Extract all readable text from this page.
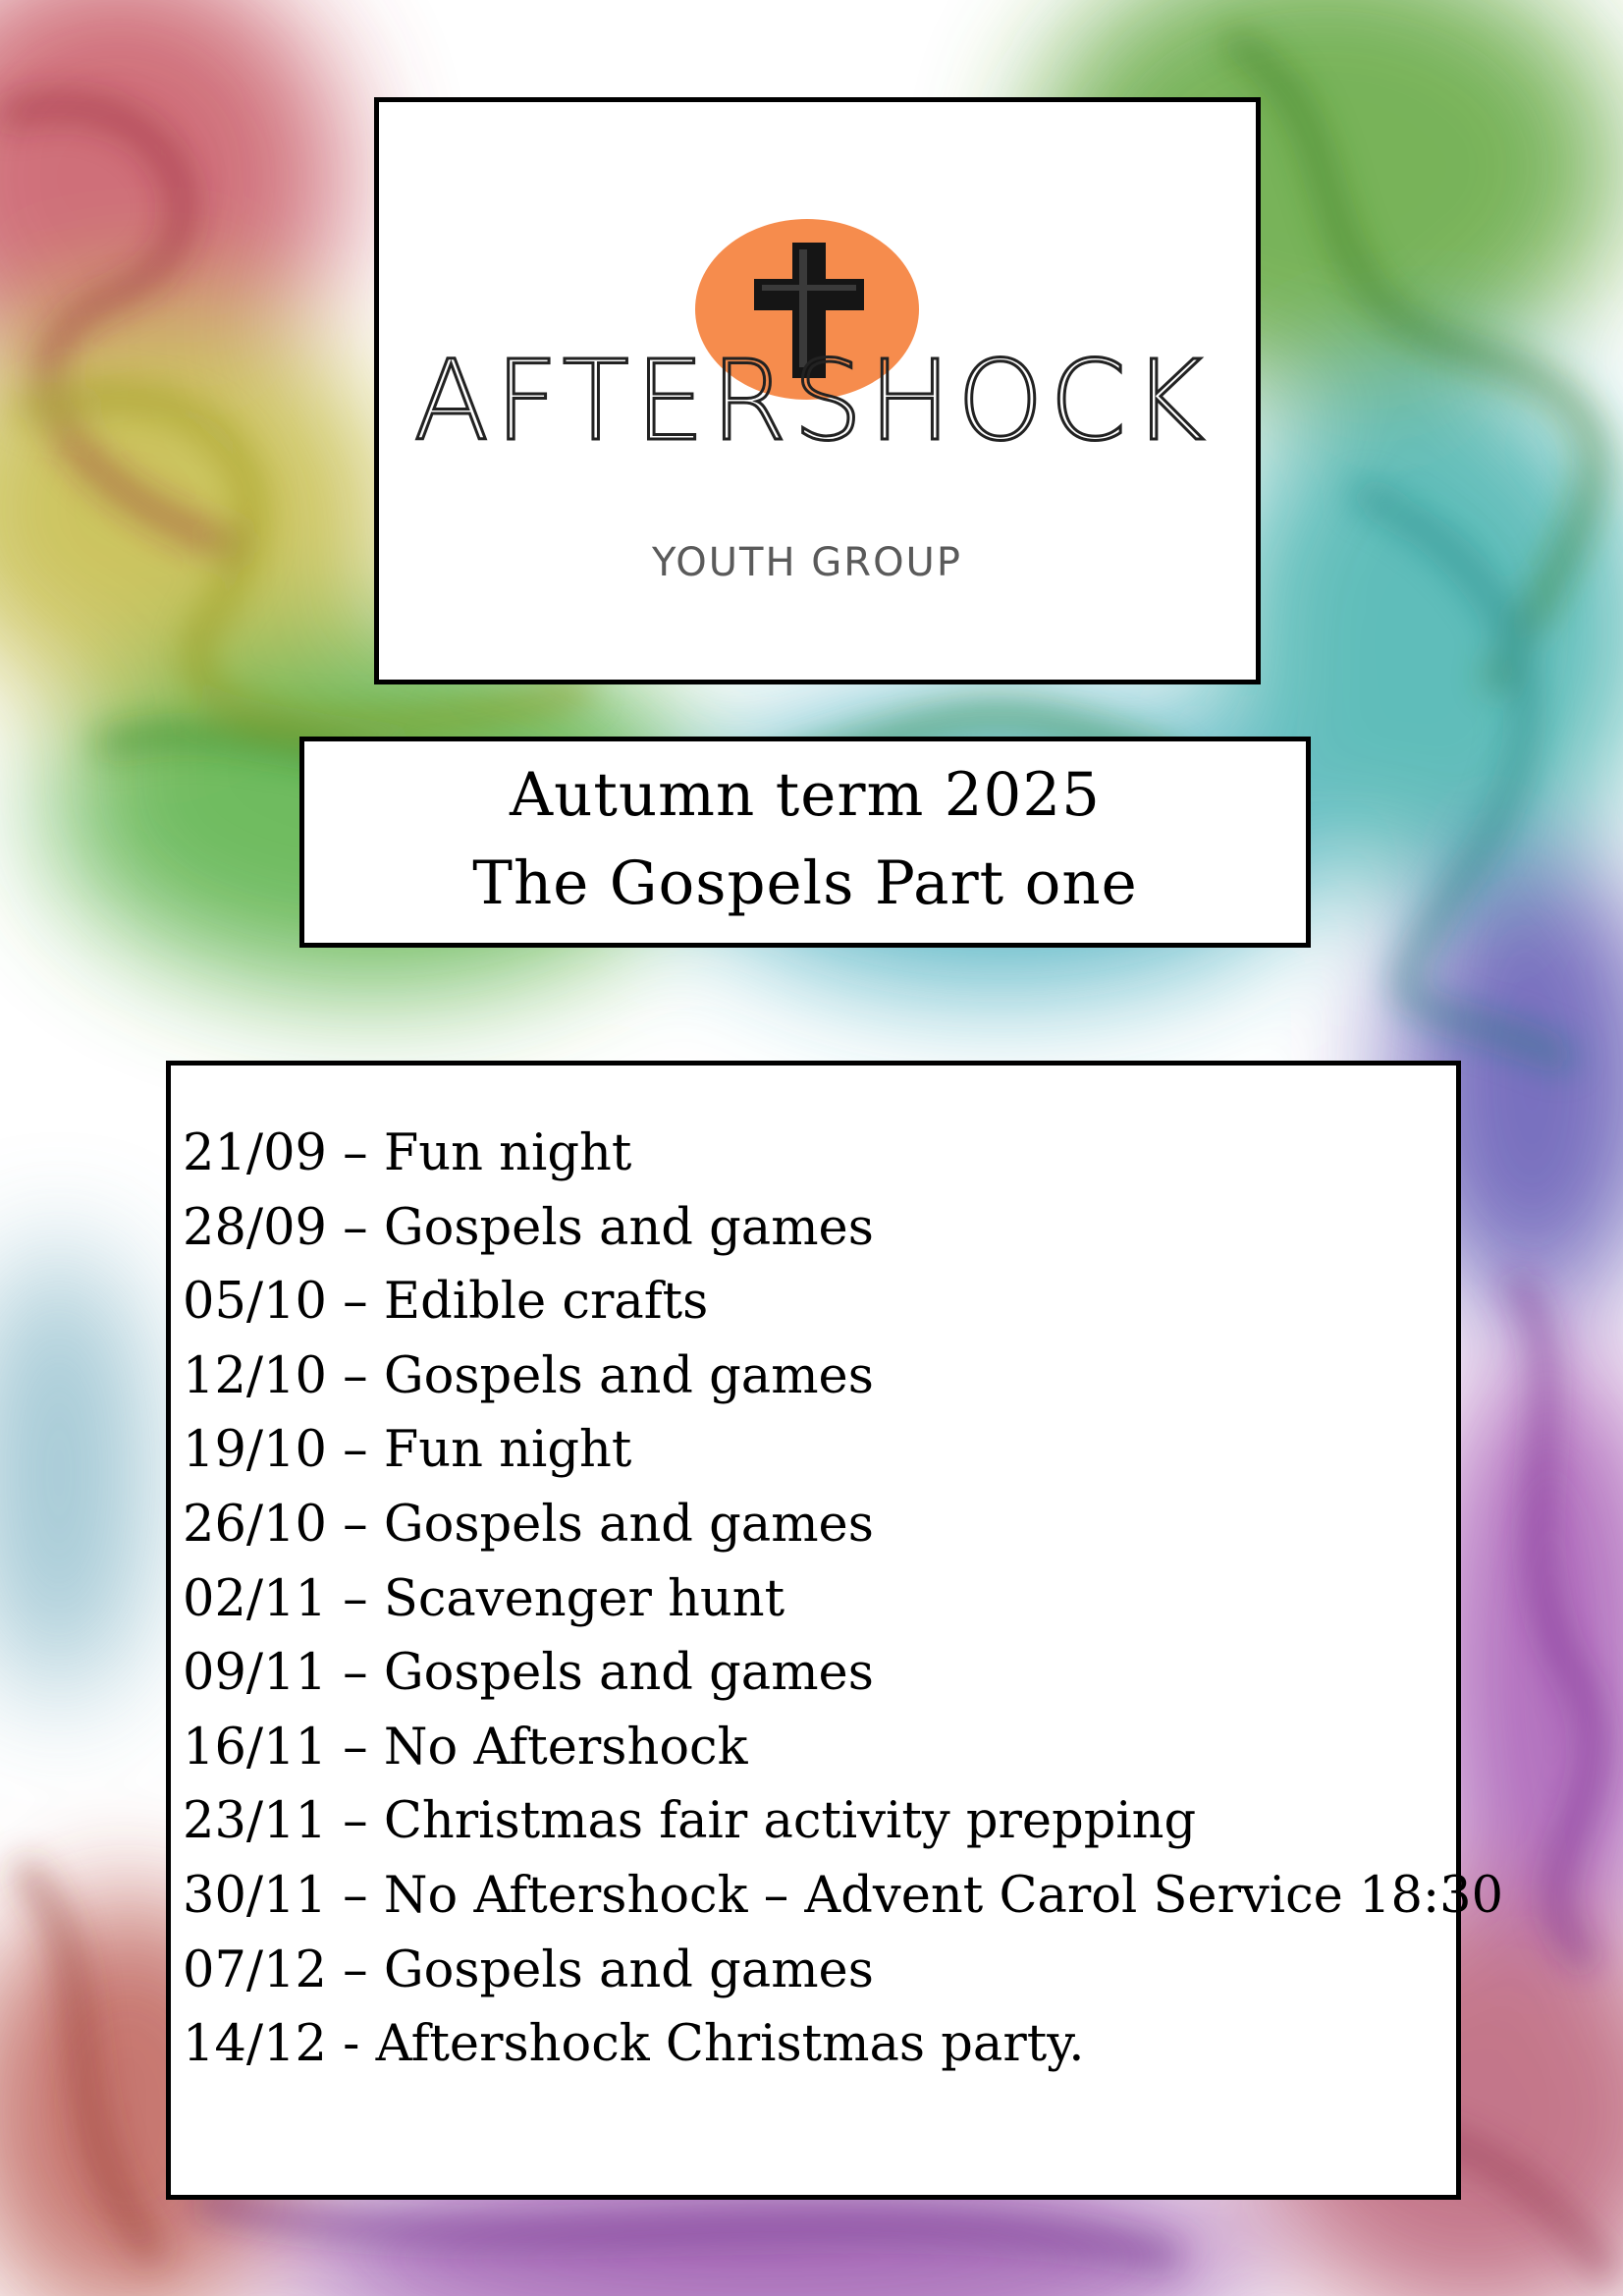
AFTERSHOCK
YOUTH GROUP
Autumn term 2025
The Gospels Part one
21/09 – Fun night
28/09 – Gospels and games
05/10 – Edible crafts
12/10 – Gospels and games
19/10 – Fun night
26/10 – Gospels and games
02/11 – Scavenger hunt
09/11 – Gospels and games
16/11 – No Aftershock
23/11 – Christmas fair activity prepping
30/11 – No Aftershock – Advent Carol Service 18:30
07/12 – Gospels and games
14/12 - Aftershock Christmas party.
